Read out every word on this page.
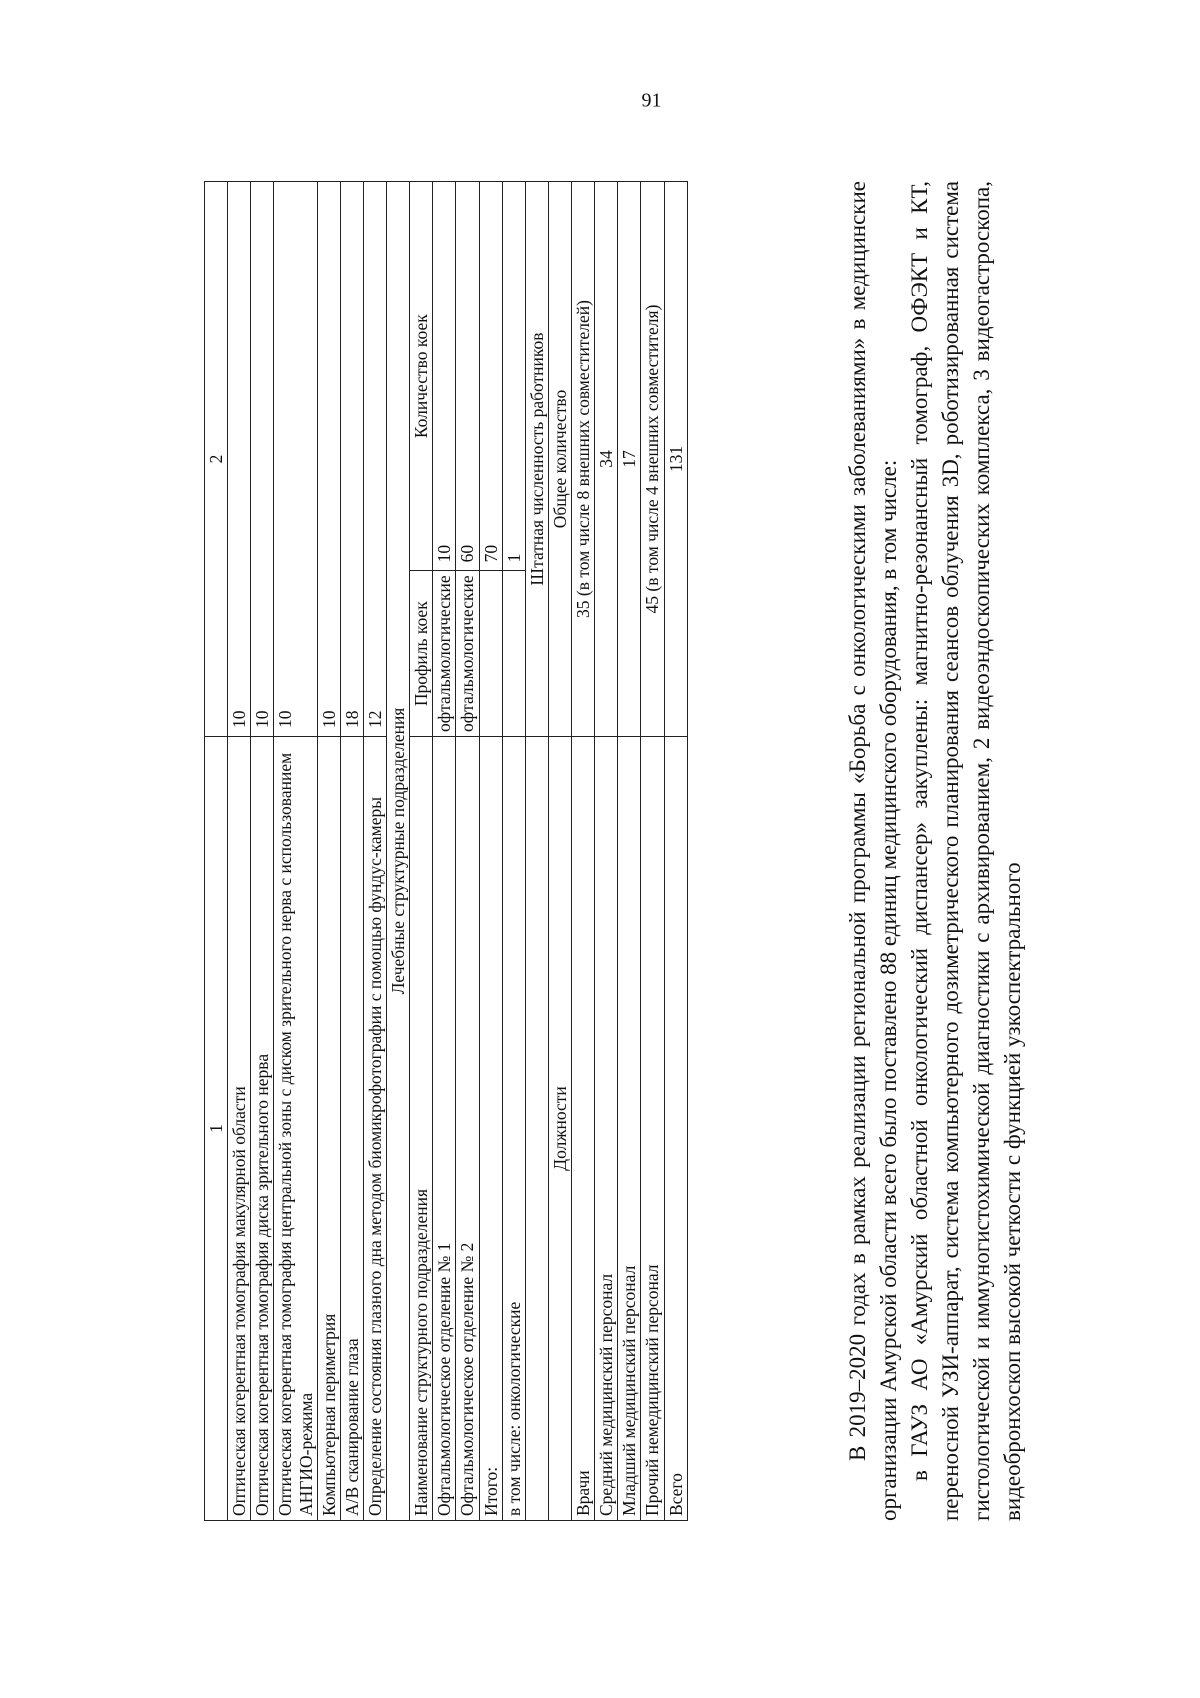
91
1	2	
Оптическая когерентная томография макулярной области	10	
Оптическая когерентная томография диска зрительного нерва	10	
Оптическая когерентная томография центральной зоны с диском зрительного нерва с использованием АНГИО-режима	10	
Компьютерная периметрия	10	
A/B сканирование глаза	18	
Определение состояния глазного дна методом биомикрофотографии с помощью фундус-камеры	12	
Лечебные структурные подразделения		
Наименование структурного подразделения	Профиль коек	Количество коек
Офтальмологическое отделение № 1	офтальмологические	10
Офтальмологическое отделение № 2	офтальмологические	60
Итого:		70
в том числе: онкологические		1
	Штатная численность работников	
Должности	Общее количество	
Врачи	35 (в том числе 8 внешних совместителей)	
Средний медицинский персонал	34	
Младший медицинский персонал	17	
Прочий немедицинский персонал	45 (в том числе 4 внешних совместителя)	
Всего	131		В 2019–2020 годах в рамках реализации региональной программы «Борьба с онкологическими заболеваниями» в медицинские организации Амурской области всего было поставлено 88 единиц медицинского оборудования, в том числе: в ГАУЗ АО «Амурский областной онкологический диспансер» закуплены: магнитно-резонансный томограф, ОФЭКТ и КТ, переносной УЗИ-аппарат, система компьютерного дозиметрического планирования сеансов облучения 3D, роботизированная система гистологической и иммуногистохимической диагностики с архивированием, 2 видеоэндоскопических комплекса, 3 видеогастроскопа, видеобронхоскоп высокой четкости с функцией узкоспектрального
